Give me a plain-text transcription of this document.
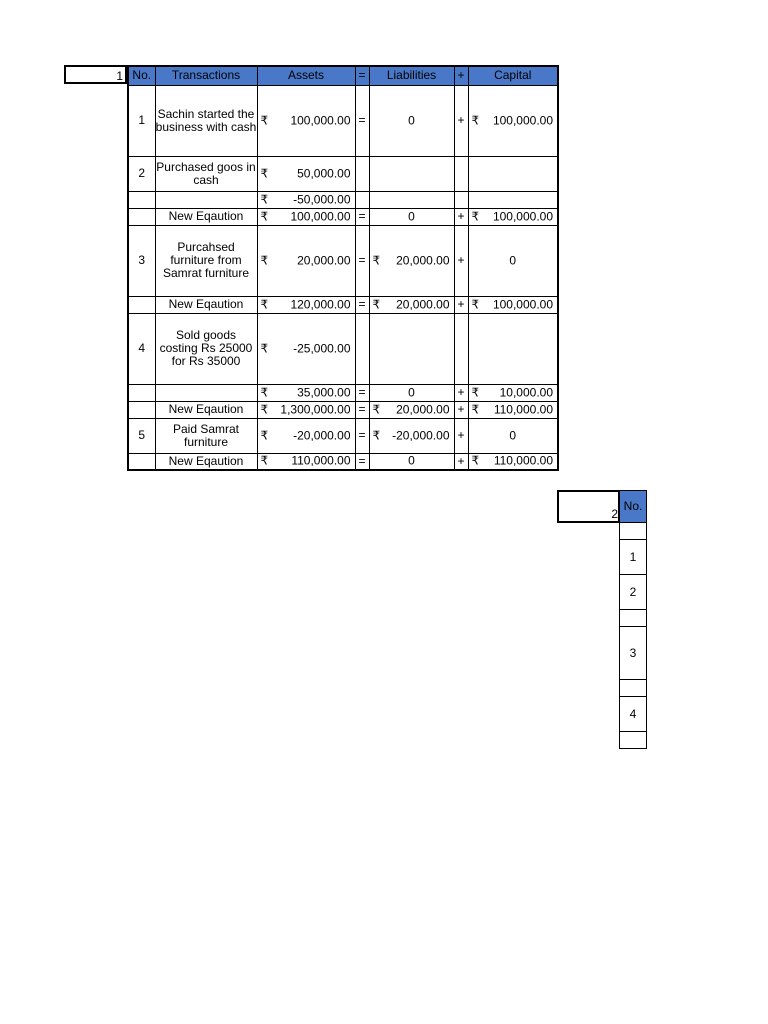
1 No.	Transactions	Assets	=	Liabilities	+	Capital
1	Sachin started the business with cash	₹ 100,000.00	=	0	+	₹ 100,000.00

2	Purchased goos in cash	₹ 50,000.00				

		₹ -50,000.00				

	New Eqaution	₹ 100,000.00	=	0	+	₹ 100,000.00

3	Purcahsed furniture from Samrat furniture	₹ 20,000.00	=	₹ 20,000.00	+	0

	New Eqaution	₹ 120,000.00	=	₹ 20,000.00	+	₹ 100,000.00

4	Sold goods costing Rs 25000 for Rs 35000	₹ -25,000.00				

		₹ 35,000.00	=	0	+	₹ 10,000.00

	New Eqaution	₹ 1,300,000.00	=	₹ 20,000.00	+	₹ 110,000.00

5	Paid Samrat furniture	₹ -20,000.00	=	₹ -20,000.00	+	0

	New Eqaution	₹ 110,000.00	=	0	+	₹ 110,000.00
2
No.

1
2

3

4
